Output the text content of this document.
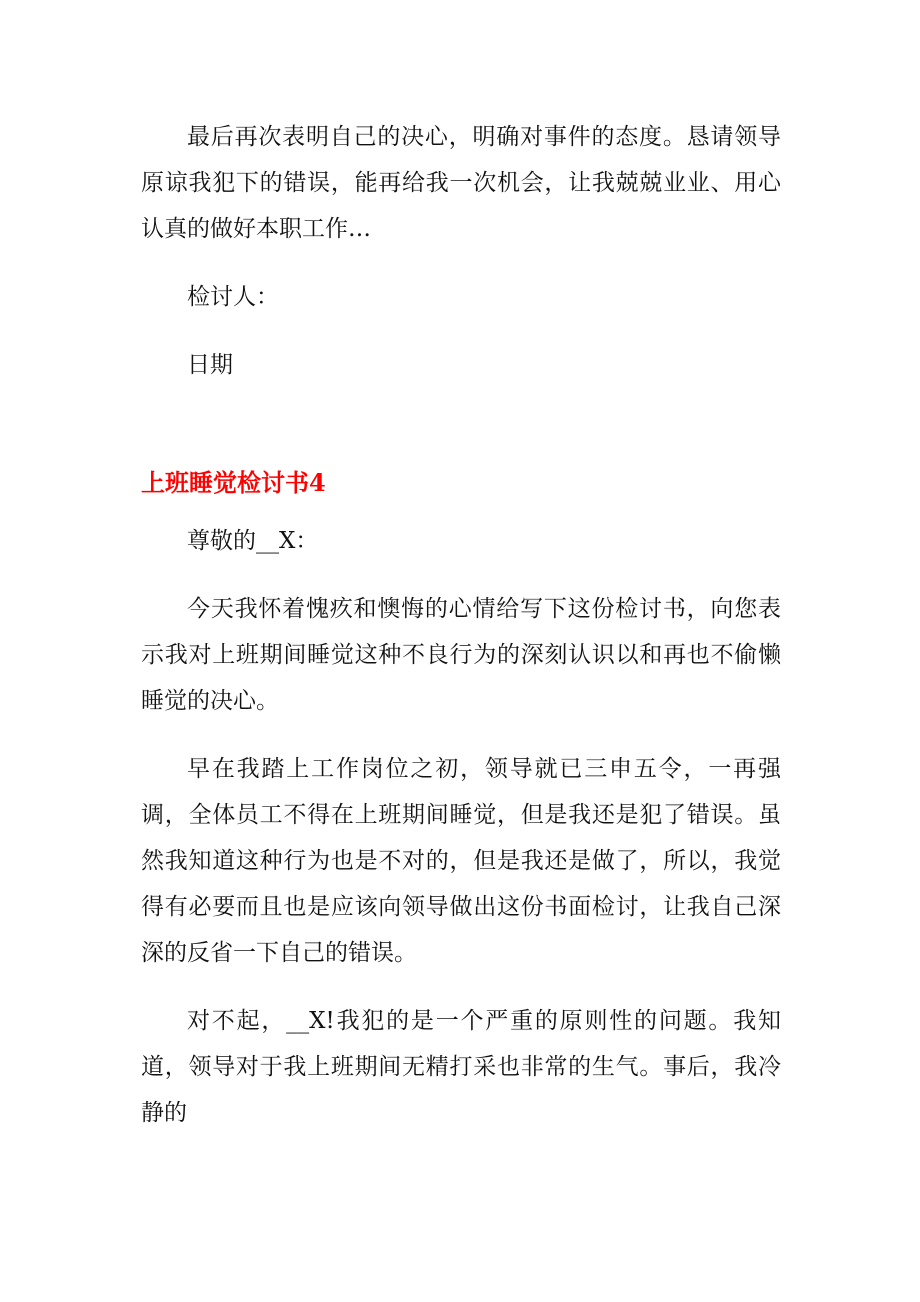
最后再次表明自己的决心，明确对事件的态度。恳请领导原谅我犯下的错误，能再给我一次机会，让我兢兢业业、用心认真的做好本职工作…

检讨人：

日期

上班睡觉检讨书4

尊敬的__X：

今天我怀着愧疚和懊悔的心情给写下这份检讨书，向您表示我对上班期间睡觉这种不良行为的深刻认识以和再也不偷懒睡觉的决心。

早在我踏上工作岗位之初，领导就已三申五令，一再强调，全体员工不得在上班期间睡觉，但是我还是犯了错误。虽然我知道这种行为也是不对的，但是我还是做了，所以，我觉得有必要而且也是应该向领导做出这份书面检讨，让我自己深深的反省一下自己的错误。

对不起，__X!我犯的是一个严重的原则性的问题。我知道，领导对于我上班期间无精打采也非常的生气。事后，我冷静的
